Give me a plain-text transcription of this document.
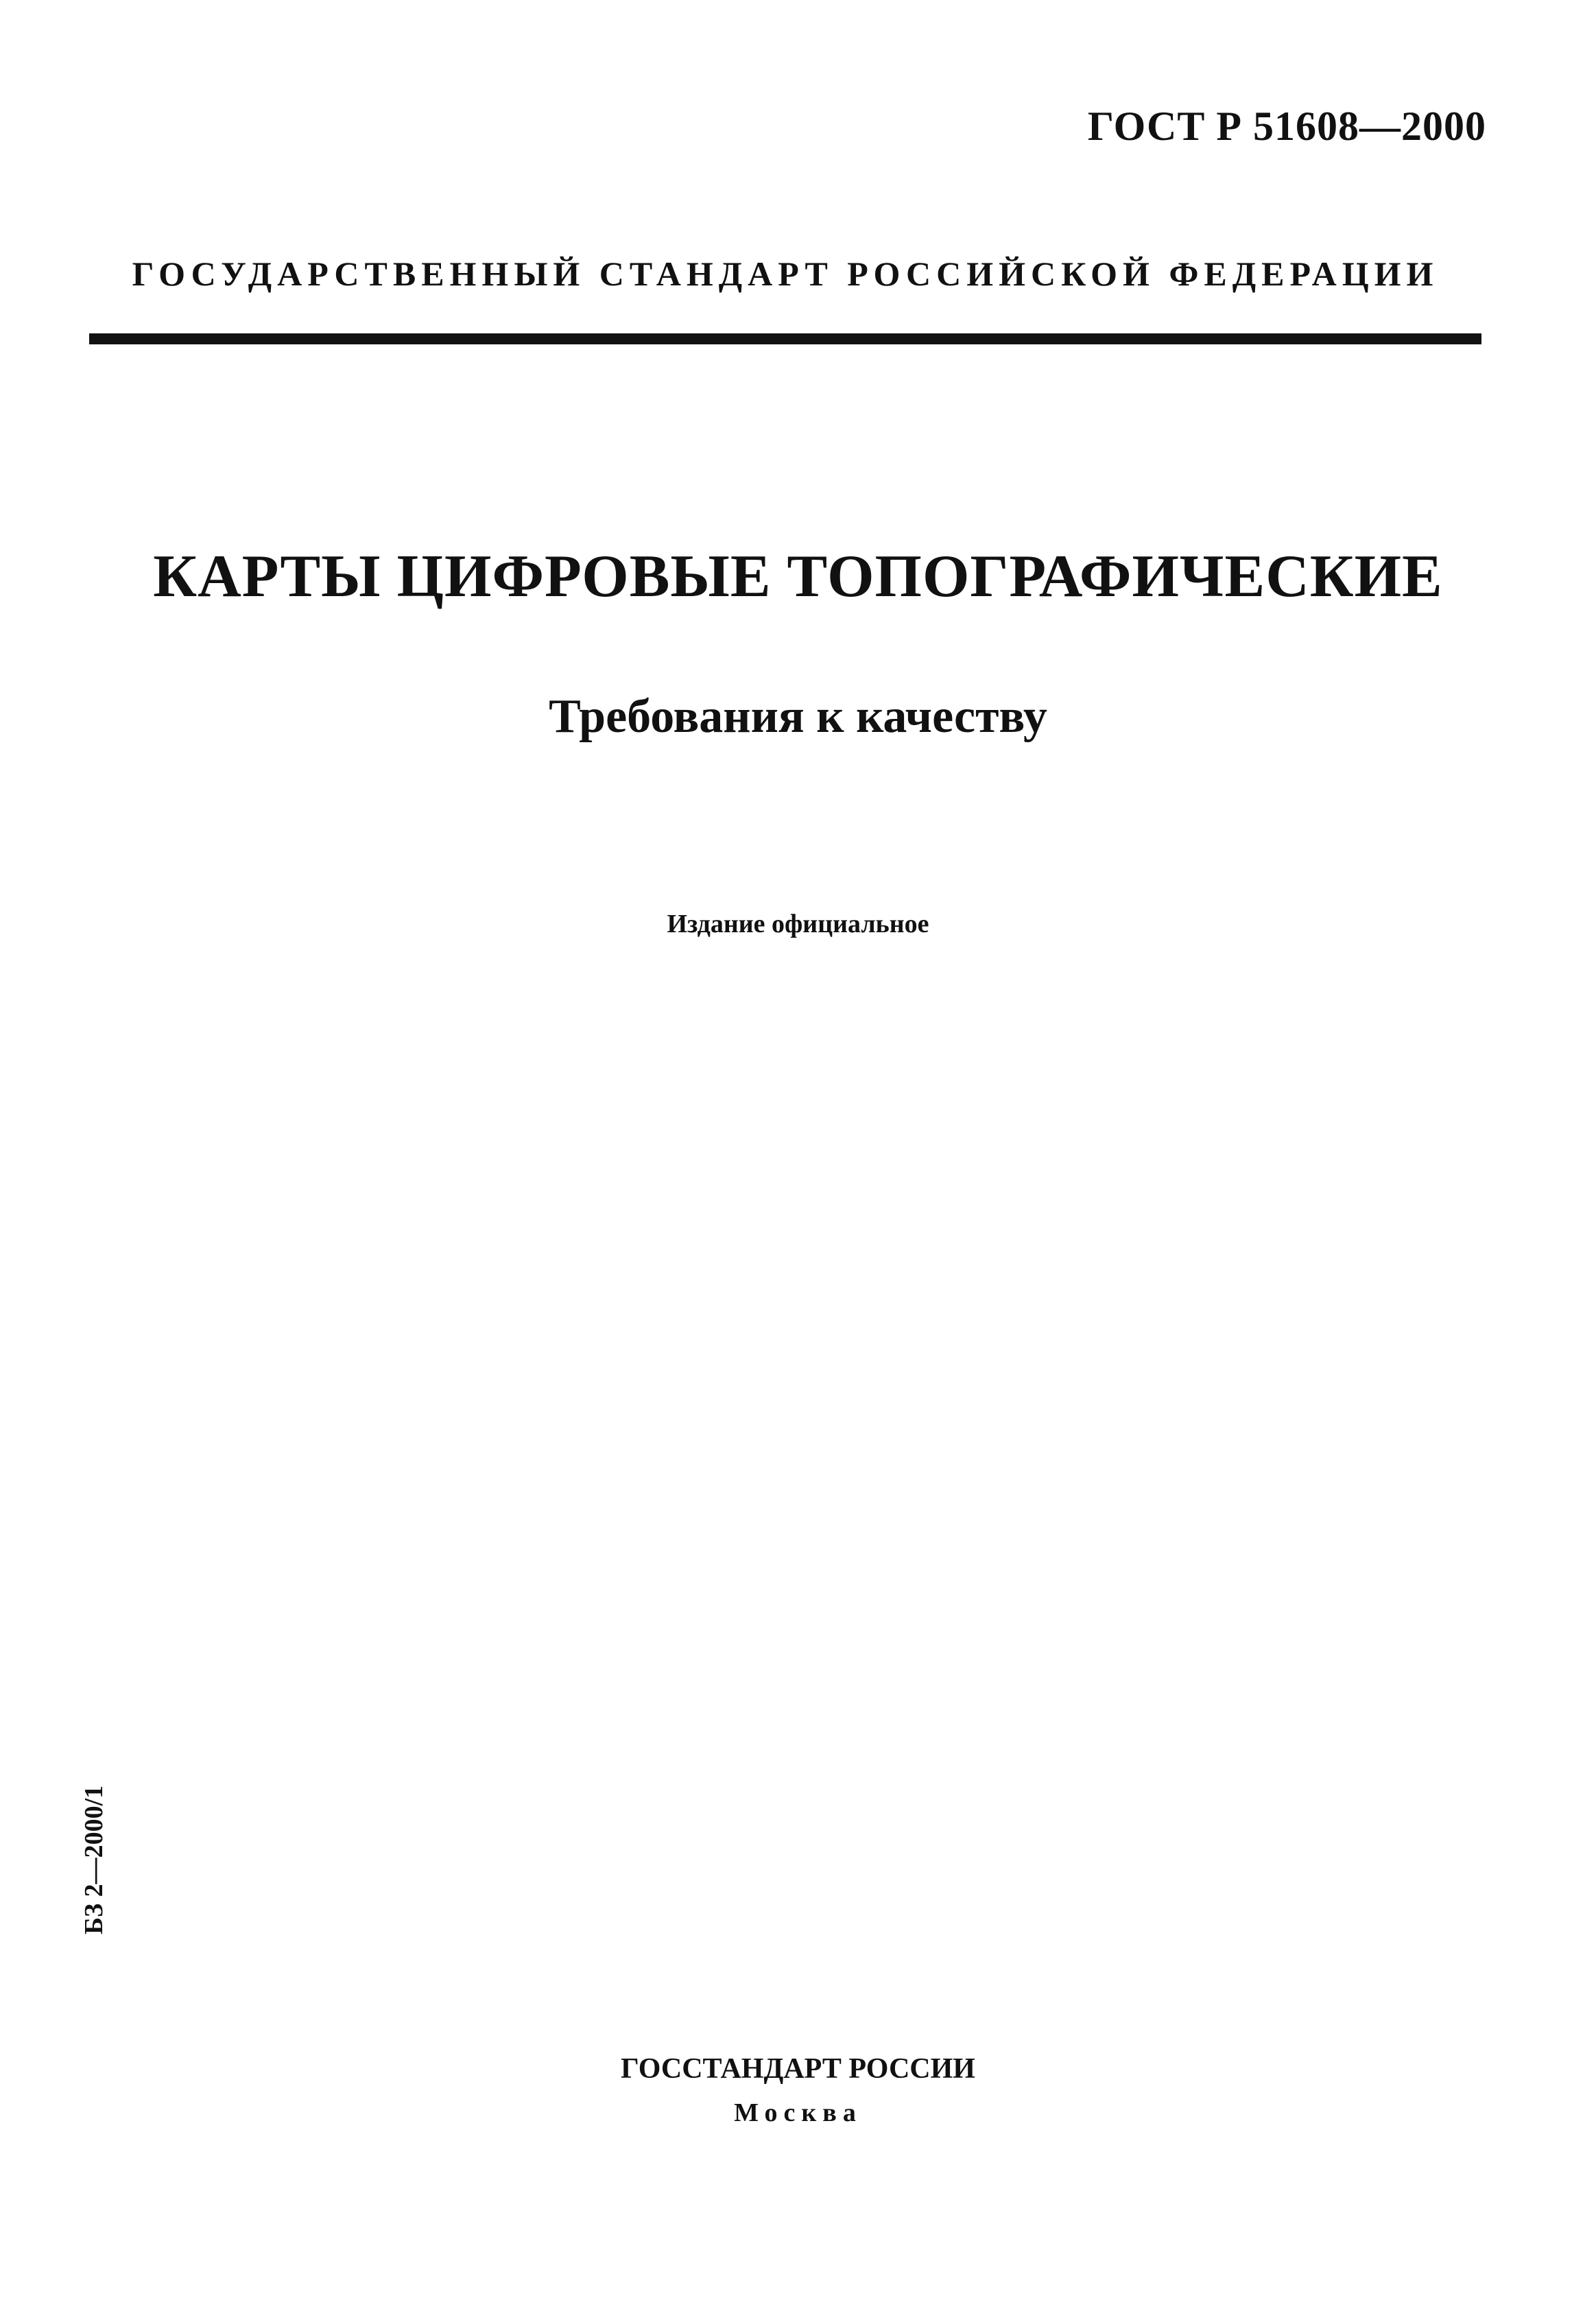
ГОСТ Р 51608—2000
ГОСУДАРСТВЕННЫЙ СТАНДАРТ РОССИЙСКОЙ ФЕДЕРАЦИИ
КАРТЫ ЦИФРОВЫЕ ТОПОГРАФИЧЕСКИЕ
Требования к качеству
Издание официальное
БЗ 2—2000/1
ГОССТАНДАРТ РОССИИ
Москва
